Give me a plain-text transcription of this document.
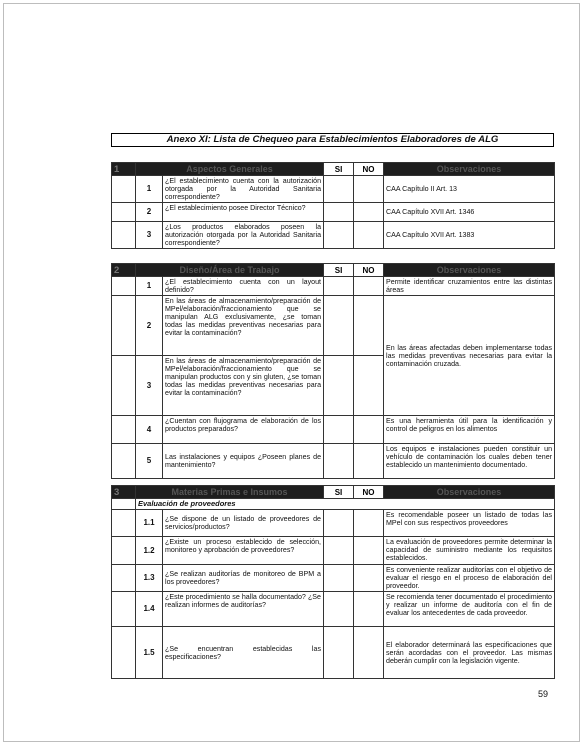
Anexo XI: Lista de Chequeo para Establecimientos Elaboradores de ALG
1	Aspectos Generales		SI	NO	Observaciones
	1	¿El establecimiento cuenta con la autorización otorgada por la Autoridad Sanitaria correspondiente?			CAA Capítulo II Art. 13
	2	¿El establecimiento posee Director Técnico?			CAA Capítulo XVII Art. 1346
	3	¿Los productos elaborados poseen la autorización otorgada por la Autoridad Sanitaria correspondiente?			CAA Capítulo XVII Art. 1383
2	Diseño/Área de Trabajo		SI	NO	Observaciones
	1	¿El establecimiento cuenta con un layout definido?			Permite identificar cruzamientos entre las distintas áreas
	2	En las áreas de almacenamiento/preparación de MPel/elaboración/fraccionamiento que se manipulan ALG exclusivamente, ¿se toman todas las medidas preventivas necesarias para evitar la contaminación?			En las áreas afectadas deben implementarse todas las medidas preventivas necesarias para evitar la contaminación cruzada.
	3	En las áreas de almacenamiento/preparación de MPel/elaboración/fraccionamiento que se manipulan productos con y sin gluten, ¿se toman todas las medidas preventivas necesarias para evitar la contaminación?			
	4	¿Cuentan con flujograma de elaboración de los productos preparados?			Es una herramienta útil para la identificación y control de peligros en los alimentos
	5	Las instalaciones y equipos ¿Poseen planes de mantenimiento?			Los equipos e instalaciones pueden constituir un vehículo de contaminación los cuales deben tener establecido un mantenimiento documentado.
3	Materias Primas e Insumos		SI	NO	Observaciones
	Evaluación de proveedores				
	1.1	¿Se dispone de un listado de proveedores de servicios/productos?			Es recomendable poseer un listado de todas las MPel con sus respectivos proveedores
	1.2	¿Existe un proceso establecido de selección, monitoreo y aprobación de proveedores?			La evaluación de proveedores permite determinar la capacidad de suministro mediante los requisitos establecidos.
	1.3	¿Se realizan auditorías de monitoreo de BPM a los proveedores?			Es conveniente realizar auditorías con el objetivo de evaluar el riesgo en el proceso de elaboración del proveedor.
	1.4	¿Este procedimiento se halla documentado? ¿Se realizan informes de auditorías?			Se recomienda tener documentado el procedimiento y realizar un informe de auditoría con el fin de evaluar los antecedentes de cada proveedor.
	1.5	¿Se encuentran establecidas las especificaciones?			El elaborador determinará las especificaciones que serán acordadas con el proveedor. Las mismas deberán cumplir con la legislación vigente.
59
